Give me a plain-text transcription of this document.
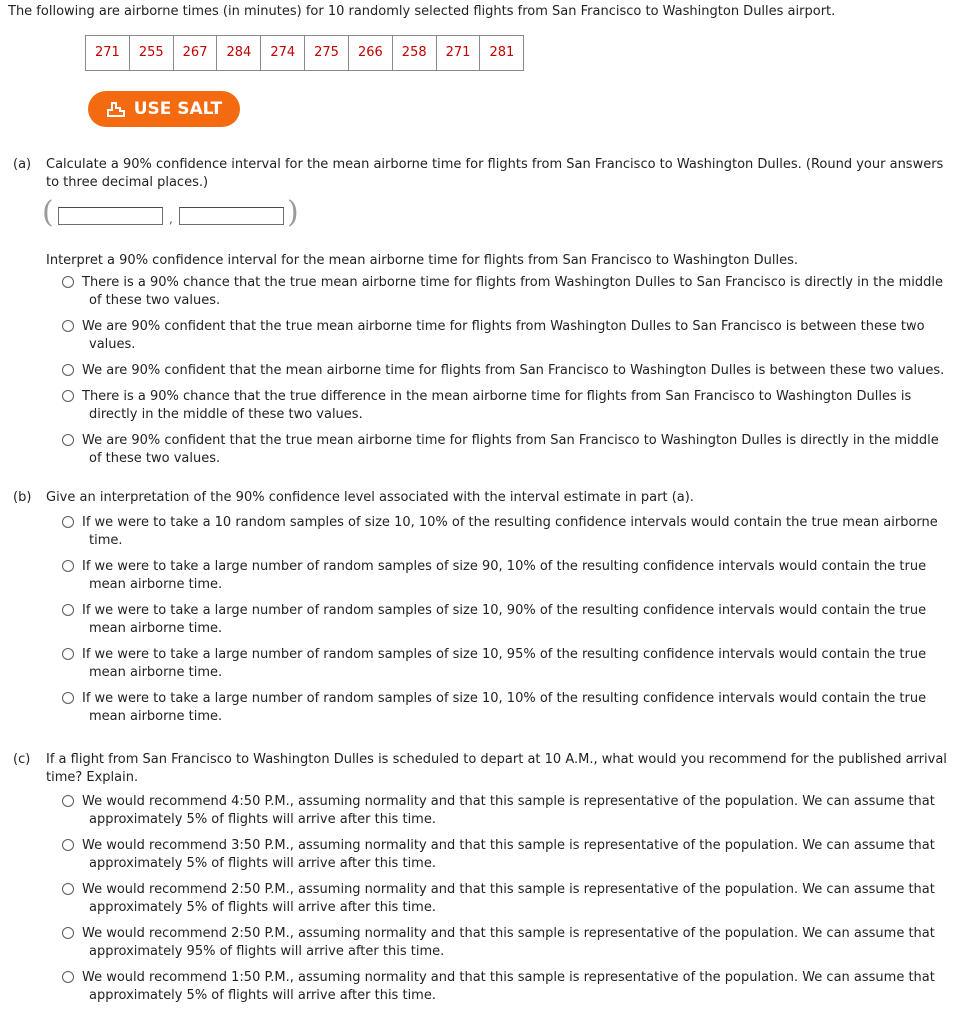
The following are airborne times (in minutes) for 10 randomly selected flights from San Francisco to Washington Dulles airport.

271	255	267	284	274	275	266	258	271	281
USE SALT
(a) Calculate a 90% confidence interval for the mean airborne time for flights from San Francisco to Washington Dulles. (Round your answers to three decimal places.)

(	,	)

Interpret a 90% confidence interval for the mean airborne time for flights from San Francisco to Washington Dulles.

There is a 90% chance that the true mean airborne time for flights from Washington Dulles to San Francisco is directly in the middle of these two values.
We are 90% confident that the true mean airborne time for flights from Washington Dulles to San Francisco is between these two values.
We are 90% confident that the mean airborne time for flights from San Francisco to Washington Dulles is between these two values.
There is a 90% chance that the true difference in the mean airborne time for flights from San Francisco to Washington Dulles is directly in the middle of these two values.
We are 90% confident that the true mean airborne time for flights from San Francisco to Washington Dulles is directly in the middle of these two values.
(b) Give an interpretation of the 90% confidence level associated with the interval estimate in part (a).

If we were to take a 10 random samples of size 10, 10% of the resulting confidence intervals would contain the true mean airborne time.
If we were to take a large number of random samples of size 90, 10% of the resulting confidence intervals would contain the true mean airborne time.
If we were to take a large number of random samples of size 10, 90% of the resulting confidence intervals would contain the true mean airborne time.
If we were to take a large number of random samples of size 10, 95% of the resulting confidence intervals would contain the true mean airborne time.
If we were to take a large number of random samples of size 10, 10% of the resulting confidence intervals would contain the true mean airborne time.
(c) If a flight from San Francisco to Washington Dulles is scheduled to depart at 10 A.M., what would you recommend for the published arrival time? Explain.

We would recommend 4:50 P.M., assuming normality and that this sample is representative of the population. We can assume that approximately 5% of flights will arrive after this time.
We would recommend 3:50 P.M., assuming normality and that this sample is representative of the population. We can assume that approximately 5% of flights will arrive after this time.
We would recommend 2:50 P.M., assuming normality and that this sample is representative of the population. We can assume that approximately 5% of flights will arrive after this time.
We would recommend 2:50 P.M., assuming normality and that this sample is representative of the population. We can assume that approximately 95% of flights will arrive after this time.
We would recommend 1:50 P.M., assuming normality and that this sample is representative of the population. We can assume that approximately 5% of flights will arrive after this time.
